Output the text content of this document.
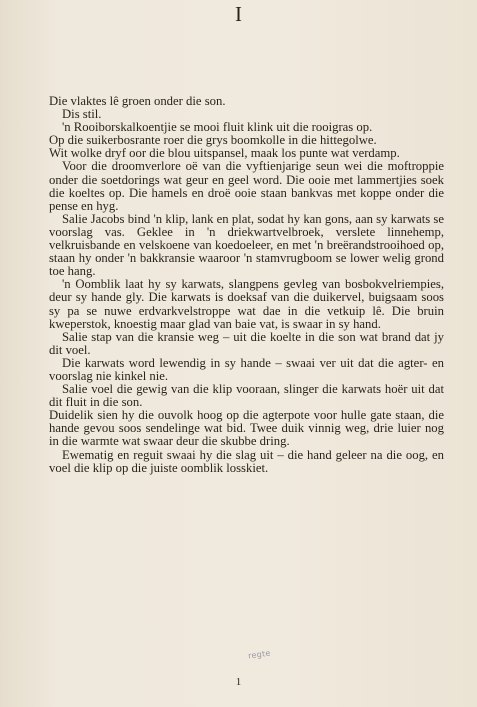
I

Die vlaktes lê groen onder die son.

Dis stil.

'n Rooiborskalkoentjie se mooi fluit klink uit die rooigras op.

Op die suikerbosrante roer die grys boomkolle in die hittegolwe.

Wit wolke dryf oor die blou uitspansel, maak los punte wat verdamp.

Voor die droomverlore oë van die vyftienjarige seun wei die moftroppie onder die soetdorings wat geur en geel word. Die ooie met lammertjies soek die koeltes op. Die hamels en droë ooie staan bankvas met koppe onder die pense en hyg.

Salie Jacobs bind 'n klip, lank en plat, sodat hy kan gons, aan sy karwats se voorslag vas. Geklee in 'n driekwartvelbroek, verslete linnehemp, velkruisbande en velskoene van koedoeleer, en met 'n breërandstrooihoed op, staan hy onder 'n bakkransie waaroor 'n stamvrugboom se lower welig grond toe hang.

'n Oomblik laat hy sy karwats, slangpens gevleg van bosbokvelriempies, deur sy hande gly. Die karwats is doeksaf van die duikervel, buigsaam soos sy pa se nuwe erdvarkvelstroppe wat dae in die vetkuip lê. Die bruin kweperstok, knoestig maar glad van baie vat, is swaar in sy hand.

Salie stap van die kransie weg – uit die koelte in die son wat brand dat jy dit voel.

Die karwats word lewendig in sy hande – swaai ver uit dat die agter- en voorslag nie kinkel nie.

Salie voel die gewig van die klip vooraan, slinger die karwats hoër uit dat dit fluit in die son.

Duidelik sien hy die ouvolk hoog op die agterpote voor hulle gate staan, die hande gevou soos sendelinge wat bid. Twee duik vinnig weg, drie luier nog in die warmte wat swaar deur die skubbe dring.

Ewematig en reguit swaai hy die slag uit – die hand geleer na die oog, en voel die klip op die juiste oomblik losskiet.

regte
1
